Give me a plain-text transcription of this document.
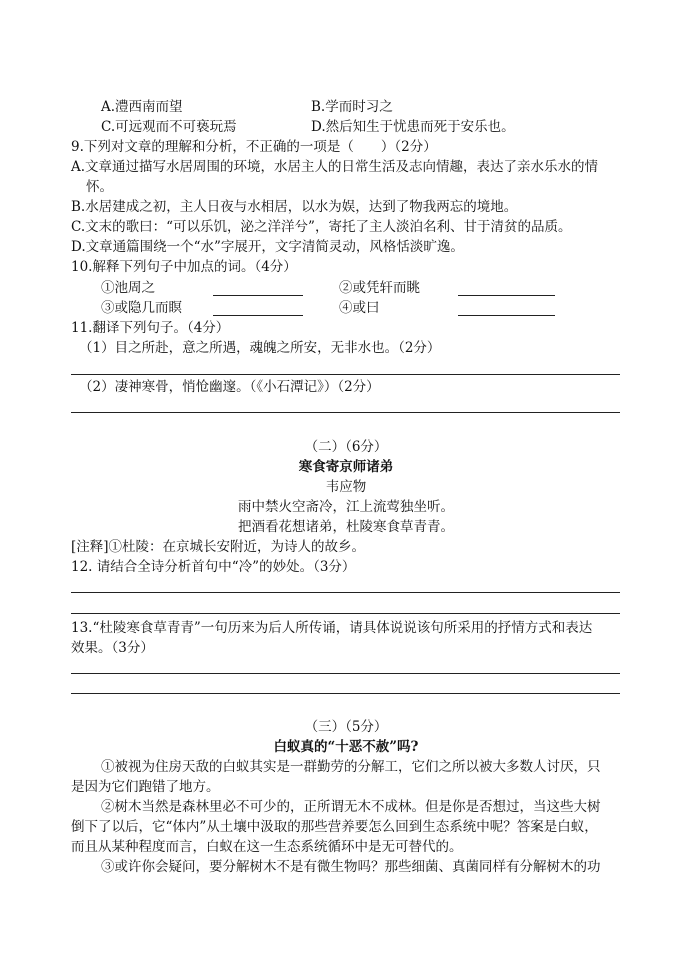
A.澧西南而望	B.学而时习之
C.可远观而不可亵玩焉	D.然后知生于忧患而死于安乐也。
9.下列对文章的理解和分析，不正确的一项是（　　）（2分）
A.文章通过描写水居周围的环境，水居主人的日常生活及志向情趣，表达了亲水乐水的情
怀。
B.水居建成之初，主人日夜与水相居，以水为娱，达到了物我两忘的境地。
C.文末的歌曰：“可以乐饥，泌之洋洋兮”，寄托了主人淡泊名利、甘于清贫的品质。
D.文章通篇围绕一个“水”字展开，文字清简灵动，风格恬淡旷逸。
10.解释下列句子中加点的词。（4分）
①池周之	②或凭轩而眺
③或隐几而瞑	④或曰
11.翻译下列句子。（4分）
（1）目之所赴，意之所遇，魂魄之所安，无非水也。（2分）
（2）凄神寒骨，悄怆幽邃。（《小石潭记》）（2分）
（二）（6分）
寒食寄京师诸弟
韦应物
雨中禁火空斋冷，江上流莺独坐听。
把酒看花想诸弟，杜陵寒食草青青。
[注释]①杜陵：在京城长安附近，为诗人的故乡。
12. 请结合全诗分析首句中“冷”的妙处。（3分）
13.“杜陵寒食草青青”一句历来为后人所传诵，请具体说说该句所采用的抒情方式和表达
效果。（3分）
（三）（5分）
白蚁真的“十恶不赦”吗?
①被视为住房天敌的白蚁其实是一群勤劳的分解工，它们之所以被大多数人讨厌，只
是因为它们跑错了地方。
②树木当然是森林里必不可少的，正所谓无木不成林。但是你是否想过，当这些大树
倒下了以后，它“体内”从土壤中汲取的那些营养要怎么回到生态系统中呢？答案是白蚁，
而且从某种程度而言，白蚁在这一生态系统循环中是无可替代的。
③或许你会疑问，要分解树木不是有微生物吗？那些细菌、真菌同样有分解树木的功
